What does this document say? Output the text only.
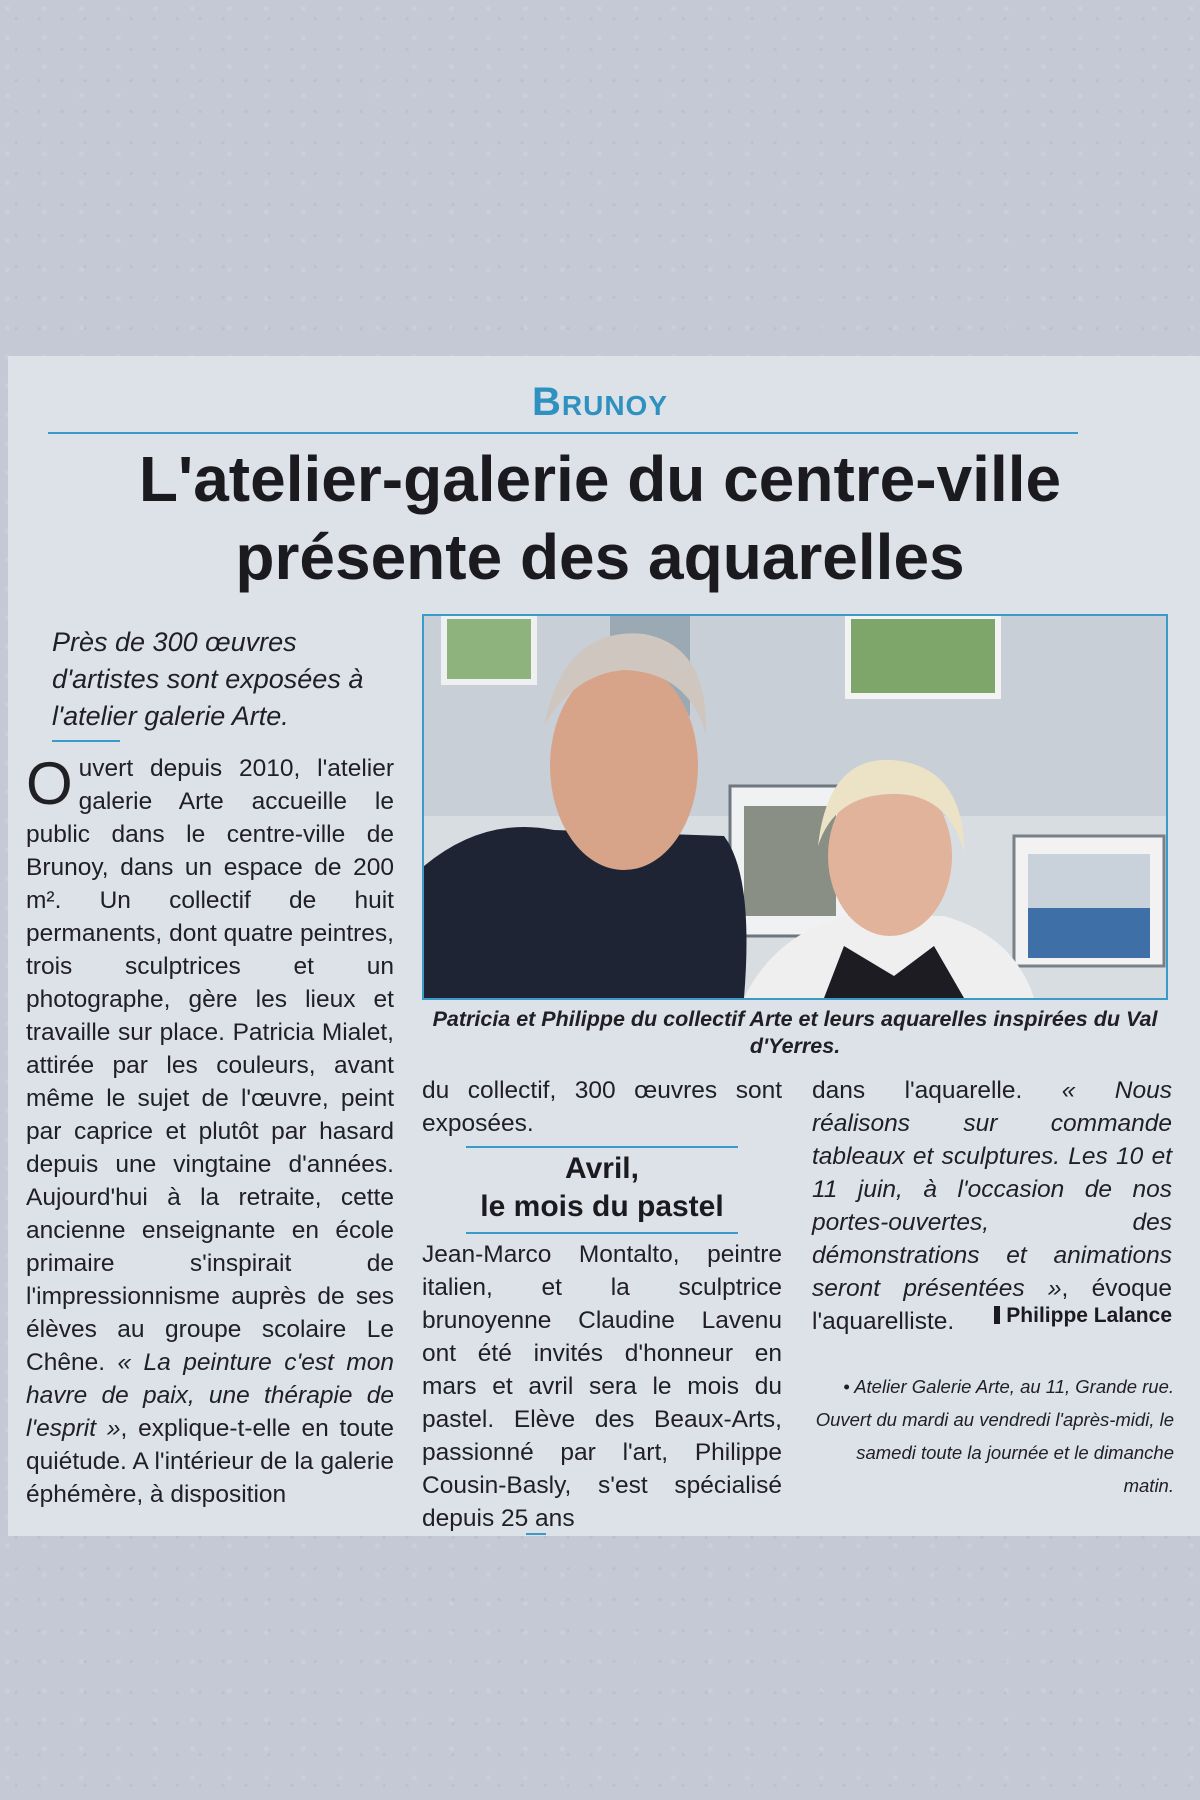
Brunoy
L'atelier-galerie du centre-ville présente des aquarelles

Près de 300 œuvres d'artistes sont exposées à l'atelier galerie Arte.

Ouvert depuis 2010, l'atelier galerie Arte accueille le public dans le centre-ville de Brunoy, dans un espace de 200 m². Un collectif de huit permanents, dont quatre peintres, trois sculptrices et un photographe, gère les lieux et travaille sur place. Patricia Mialet, attirée par les couleurs, avant même le sujet de l'œuvre, peint par caprice et plutôt par hasard depuis une vingtaine d'années. Aujourd'hui à la retraite, cette ancienne enseignante en école primaire s'inspirait de l'impressionnisme auprès de ses élèves au groupe scolaire Le Chêne. « La peinture c'est mon havre de paix, une thérapie de l'esprit », explique-t-elle en toute quiétude. A l'intérieur de la galerie éphémère, à disposition

Patricia et Philippe du collectif Arte et leurs aquarelles inspirées du Val d'Yerres.

du collectif, 300 œuvres sont exposées.

Avril,
le mois du pastel

Jean-Marco Montalto, peintre italien, et la sculptrice brunoyenne Claudine Lavenu ont été invités d'honneur en mars et avril sera le mois du pastel. Elève des Beaux-Arts, passionné par l'art, Philippe Cousin-Basly, s'est spécialisé depuis 25 ans

dans l'aquarelle. « Nous réalisons sur commande tableaux et sculptures. Les 10 et 11 juin, à l'occasion de nos portes-ouvertes, des démonstrations et animations seront présentées », évoque l'aquarelliste.	Philippe Lalance

• Atelier Galerie Arte, au 11, Grande rue. Ouvert du mardi au vendredi l'après-midi, le samedi toute la journée et le dimanche matin.
